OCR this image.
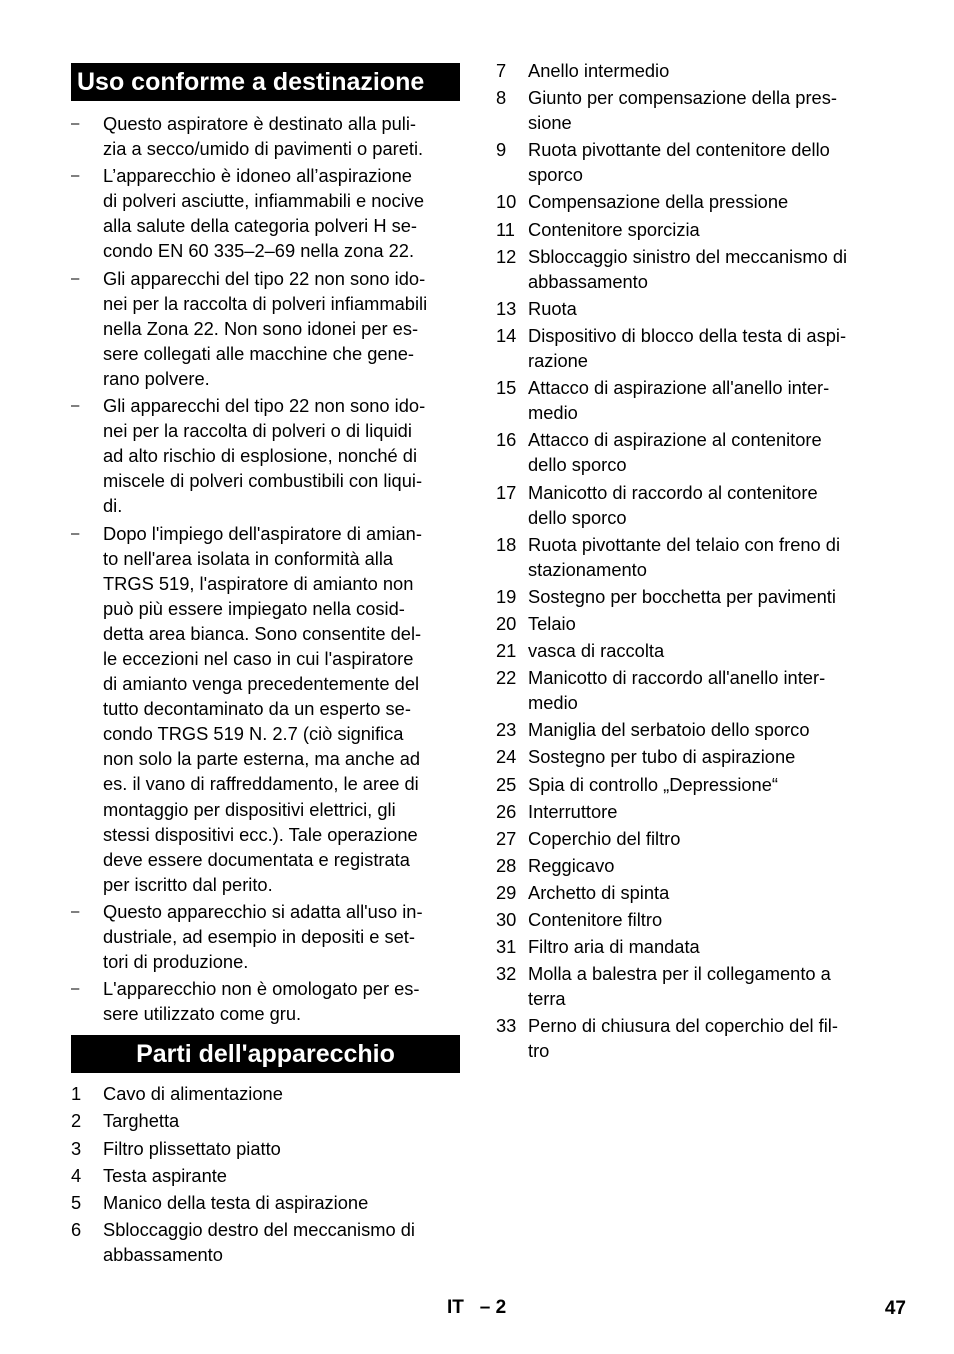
Uso conforme a destinazione
– Questo aspiratore è destinato alla puli-
zia a secco/umido di pavimenti o pareti.
– L’apparecchio è idoneo all’aspirazione
di polveri asciutte, infiammabili e nocive
alla salute della categoria polveri H se-
condo EN 60 335–2–69 nella zona 22.
– Gli apparecchi del tipo 22 non sono ido-
nei per la raccolta di polveri infiammabili
nella Zona 22. Non sono idonei per es-
sere collegati alle macchine che gene-
rano polvere.
– Gli apparecchi del tipo 22 non sono ido-
nei per la raccolta di polveri o di liquidi
ad alto rischio di esplosione, nonché di
miscele di polveri combustibili con liqui-
di.
– Dopo l'impiego dell'aspiratore di amian-
to nell'area isolata in conformità alla
TRGS 519, l'aspiratore di amianto non
può più essere impiegato nella cosid-
detta area bianca. Sono consentite del-
le eccezioni nel caso in cui l'aspiratore
di amianto venga precedentemente del
tutto decontaminato da un esperto se-
condo TRGS 519 N. 2.7 (ciò significa
non solo la parte esterna, ma anche ad
es. il vano di raffreddamento, le aree di
montaggio per dispositivi elettrici, gli
stessi dispositivi ecc.). Tale operazione
deve essere documentata e registrata
per iscritto dal perito.
– Questo apparecchio si adatta all'uso in-
dustriale, ad esempio in depositi e set-
tori di produzione.
– L'apparecchio non è omologato per es-
sere utilizzato come gru.
Parti dell'apparecchio
1 Cavo di alimentazione
2 Targhetta
3 Filtro plissettato piatto
4 Testa aspirante
5 Manico della testa di aspirazione
6 Sbloccaggio destro del meccanismo di
abbassamento
7 Anello intermedio
8 Giunto per compensazione della pres-
sione
9 Ruota pivottante del contenitore dello
sporco
10 Compensazione della pressione
11 Contenitore sporcizia
12 Sbloccaggio sinistro del meccanismo di
abbassamento
13 Ruota
14 Dispositivo di blocco della testa di aspi-
razione
15 Attacco di aspirazione all'anello inter-
medio
16 Attacco di aspirazione al contenitore
dello sporco
17 Manicotto di raccordo al contenitore
dello sporco
18 Ruota pivottante del telaio con freno di
stazionamento
19 Sostegno per bocchetta per pavimenti
20 Telaio
21 vasca di raccolta
22 Manicotto di raccordo all'anello inter-
medio
23 Maniglia del serbatoio dello sporco
24 Sostegno per tubo di aspirazione
25 Spia di controllo „Depressione“
26 Interruttore
27 Coperchio del filtro
28 Reggicavo
29 Archetto di spinta
30 Contenitore filtro
31 Filtro aria di mandata
32 Molla a balestra per il collegamento a
terra
33 Perno di chiusura del coperchio del fil-
tro
IT   – 2	47
